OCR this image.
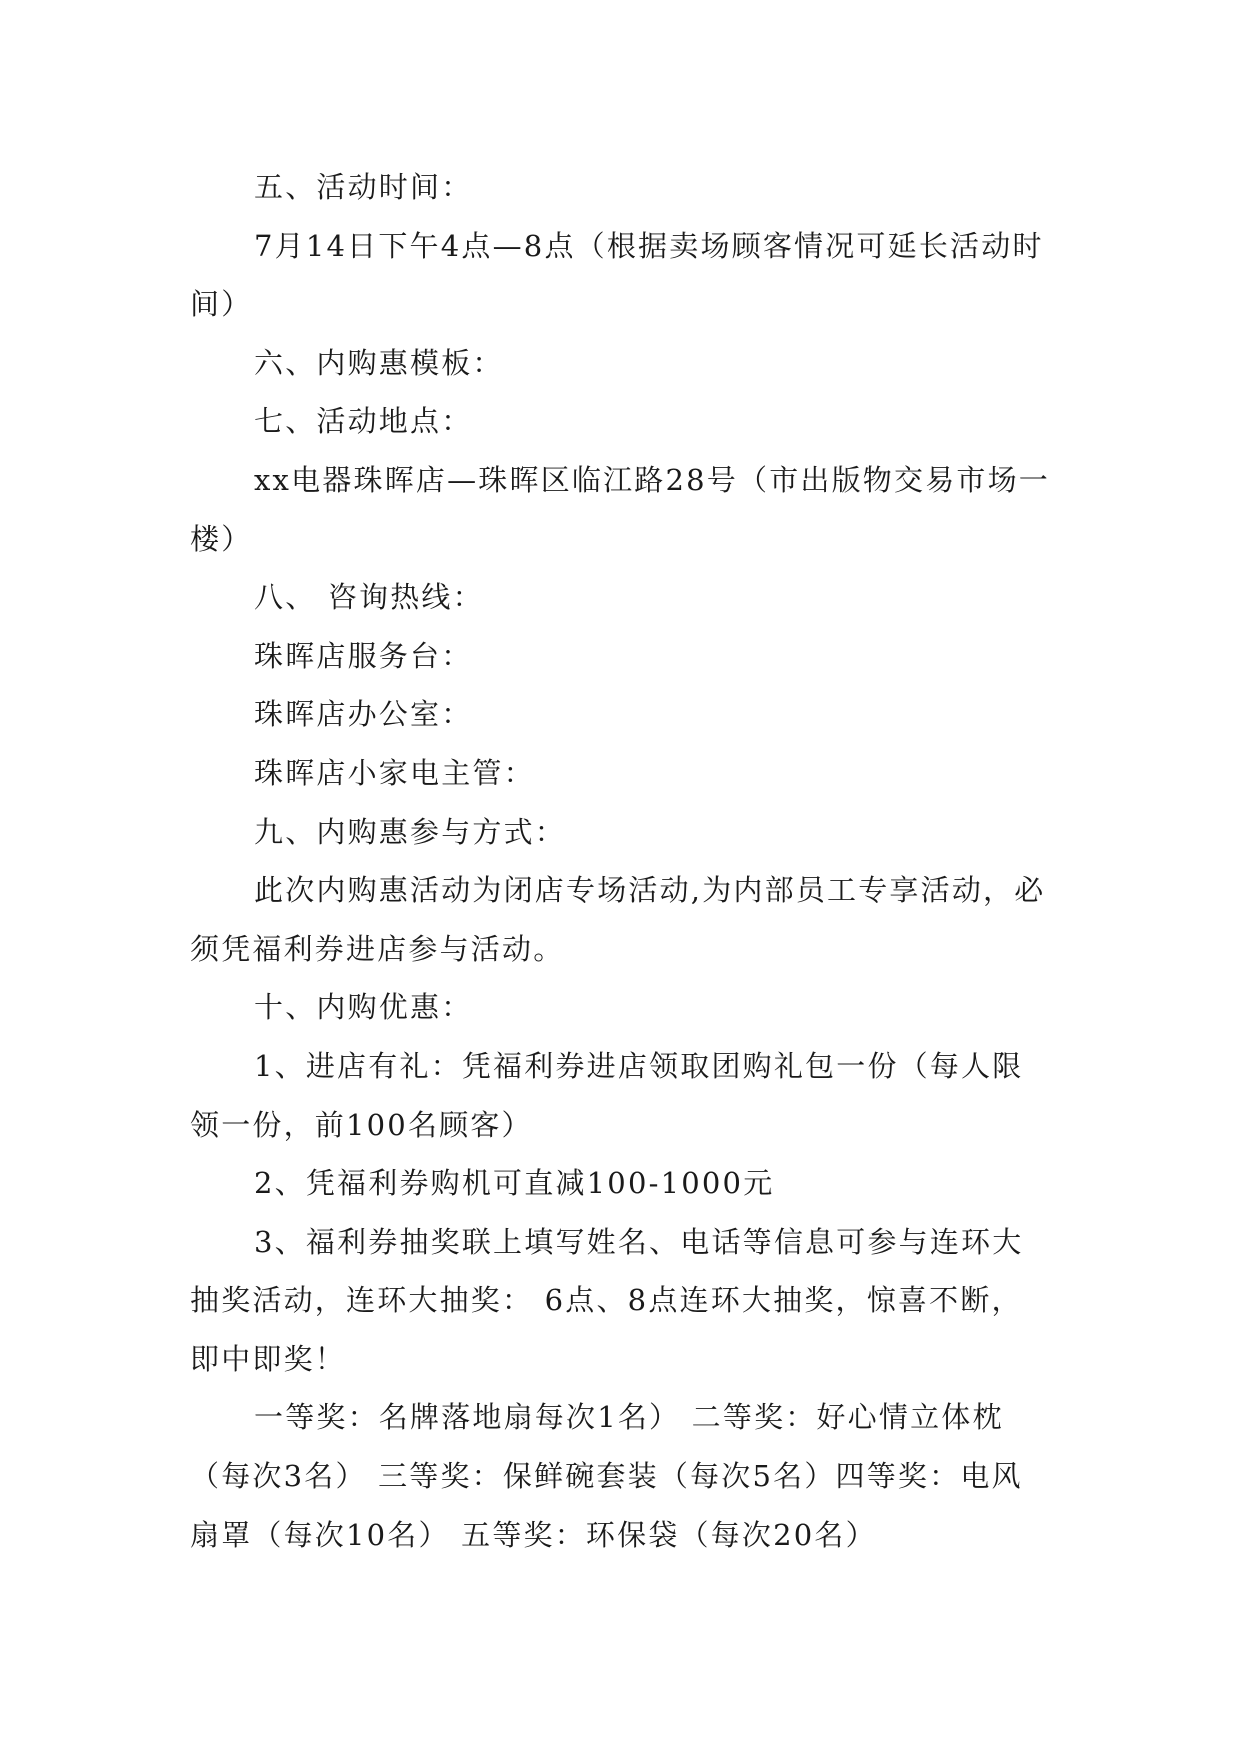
五、活动时间：

7月14日下午4点—8点（根据卖场顾客情况可延长活动时间）

六、内购惠模板：

七、活动地点：

xx电器珠晖店—珠晖区临江路28号（市出版物交易市场一楼）

八、 咨询热线：

珠晖店服务台：

珠晖店办公室：

珠晖店小家电主管：

九、内购惠参与方式：

此次内购惠活动为闭店专场活动,为内部员工专享活动，必须凭福利券进店参与活动。

十、内购优惠：

1、进店有礼：凭福利券进店领取团购礼包一份（每人限领一份，前100名顾客）

2、凭福利券购机可直减100-1000元

3、福利券抽奖联上填写姓名、电话等信息可参与连环大抽奖活动，连环大抽奖： 6点、8点连环大抽奖，惊喜不断，即中即奖！

一等奖：名牌落地扇每次1名） 二等奖：好心情立体枕（每次3名） 三等奖：保鲜碗套装（每次5名）四等奖：电风扇罩（每次10名） 五等奖：环保袋（每次20名）
